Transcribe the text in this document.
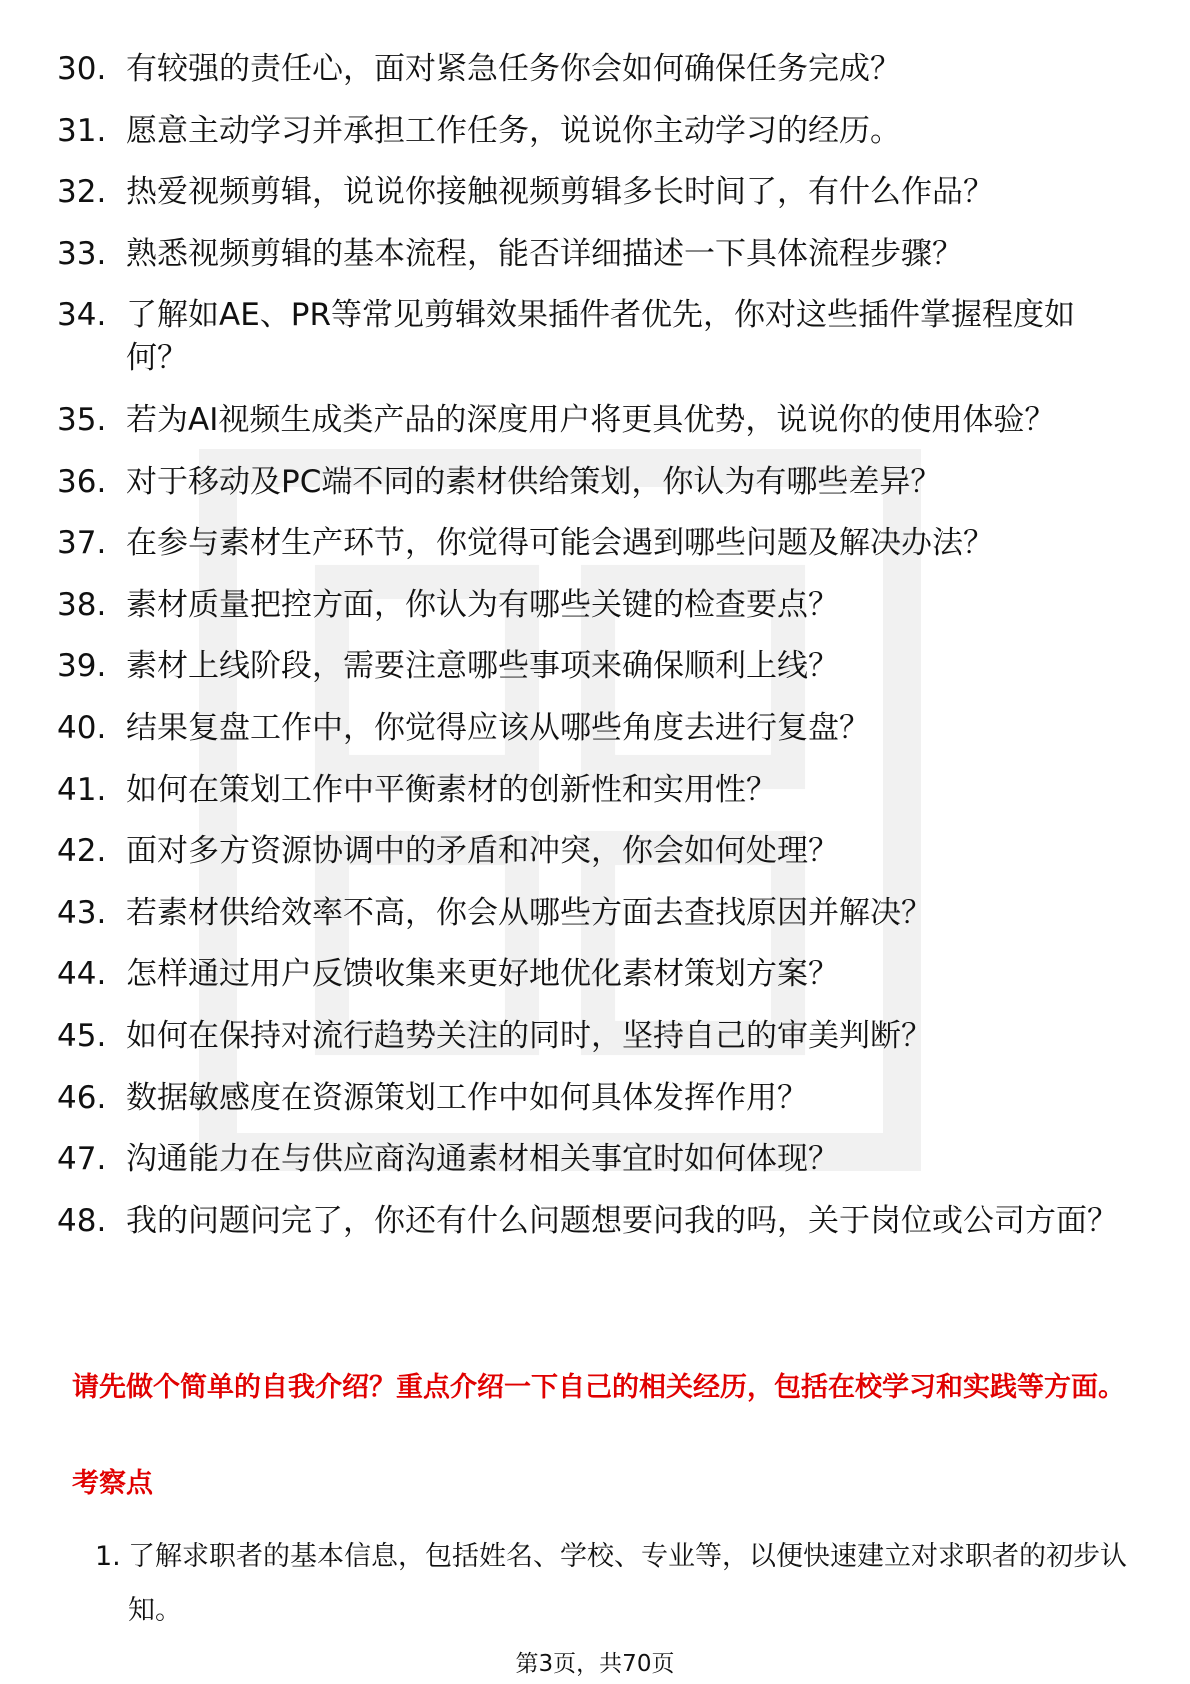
30. 有较强的责任心，面对紧急任务你会如何确保任务完成？
31. 愿意主动学习并承担工作任务，说说你主动学习的经历。
32. 热爱视频剪辑，说说你接触视频剪辑多长时间了，有什么作品？
33. 熟悉视频剪辑的基本流程，能否详细描述一下具体流程步骤？
34. 了解如AE、PR等常见剪辑效果插件者优先，你对这些插件掌握程度如何？
35. 若为AI视频生成类产品的深度用户将更具优势，说说你的使用体验？
36. 对于移动及PC端不同的素材供给策划，你认为有哪些差异？
37. 在参与素材生产环节，你觉得可能会遇到哪些问题及解决办法？
38. 素材质量把控方面，你认为有哪些关键的检查要点？
39. 素材上线阶段，需要注意哪些事项来确保顺利上线？
40. 结果复盘工作中，你觉得应该从哪些角度去进行复盘？
41. 如何在策划工作中平衡素材的创新性和实用性？
42. 面对多方资源协调中的矛盾和冲突，你会如何处理？
43. 若素材供给效率不高，你会从哪些方面去查找原因并解决？
44. 怎样通过用户反馈收集来更好地优化素材策划方案？
45. 如何在保持对流行趋势关注的同时，坚持自己的审美判断？
46. 数据敏感度在资源策划工作中如何具体发挥作用？
47. 沟通能力在与供应商沟通素材相关事宜时如何体现？
48. 我的问题问完了，你还有什么问题想要问我的吗，关于岗位或公司方面？
请先做个简单的自我介绍？重点介绍一下自己的相关经历，包括在校学习和实践等方面。
考察点
1. 了解求职者的基本信息，包括姓名、学校、专业等，以便快速建立对求职者的初步认知。
第3页，共70页
